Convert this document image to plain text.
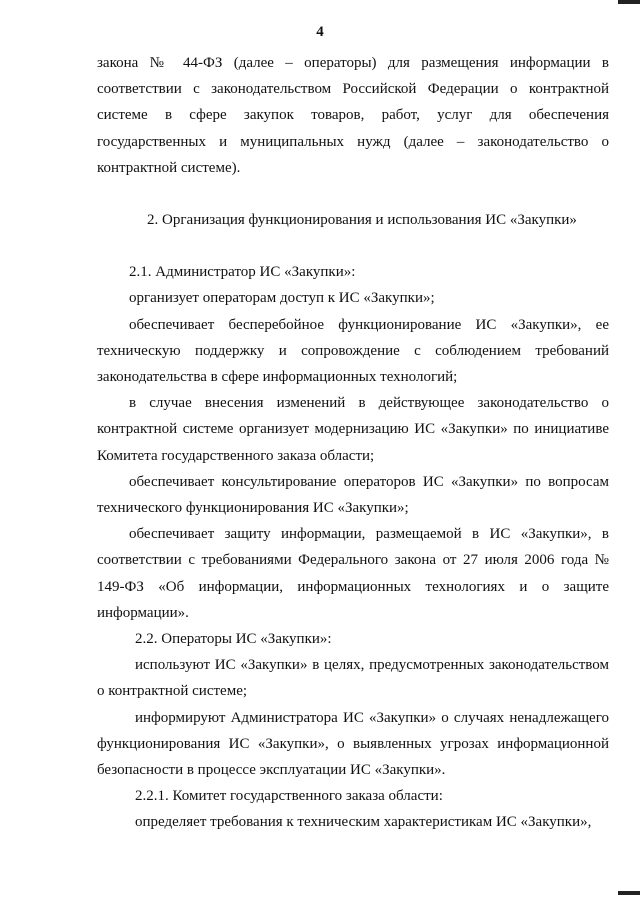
4

закона № 44-ФЗ (далее – операторы) для размещения информации в соответствии с законодательством Российской Федерации о контрактной системе в сфере закупок товаров, работ, услуг для обеспечения государственных и муниципальных нужд (далее – законодательство о контрактной системе).

2. Организация функционирования и использования ИС «Закупки»

2.1. Администратор ИС «Закупки»:

организует операторам доступ к ИС «Закупки»;

обеспечивает бесперебойное функционирование ИС «Закупки», ее техническую поддержку и сопровождение с соблюдением требований законодательства в сфере информационных технологий;

в случае внесения изменений в действующее законодательство о контрактной системе организует модернизацию ИС «Закупки» по инициативе Комитета государственного заказа области;

обеспечивает консультирование операторов ИС «Закупки» по вопросам технического функционирования ИС «Закупки»;

обеспечивает защиту информации, размещаемой в ИС «Закупки», в соответствии с требованиями Федерального закона от 27 июля 2006 года № 149-ФЗ «Об информации, информационных технологиях и о защите информации».

2.2. Операторы ИС «Закупки»:

используют ИС «Закупки» в целях, предусмотренных законодательством о контрактной системе;

информируют Администратора ИС «Закупки» о случаях ненадлежащего функционирования ИС «Закупки», о выявленных угрозах информационной безопасности в процессе эксплуатации ИС «Закупки».

2.2.1. Комитет государственного заказа области:

определяет требования к техническим характеристикам ИС «Закупки»,
